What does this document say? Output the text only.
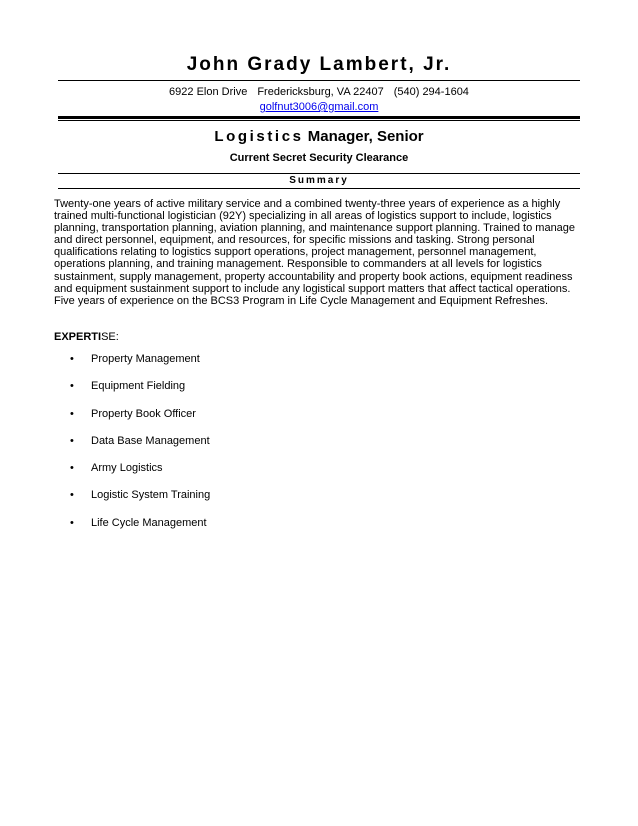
John Grady Lambert, Jr.
6922 Elon Drive Fredericksburg, VA 22407 (540) 294-1604
golfnut3006@gmail.com
Logistics Manager, Senior
Current Secret Security Clearance
Summary
Twenty-one years of active military service and a combined twenty-three years of experience as a highly trained multi-functional logistician (92Y) specializing in all areas of logistics support to include, logistics planning, transportation planning, aviation planning, and maintenance support planning. Trained to manage and direct personnel, equipment, and resources, for specific missions and tasking. Strong personal qualifications relating to logistics support operations, project management, personnel management, operations planning, and training management. Responsible to commanders at all levels for logistics sustainment, supply management, property accountability and property book actions, equipment readiness and equipment sustainment support to include any logistical support matters that affect tactical operations. Five years of experience on the BCS3 Program in Life Cycle Management and Equipment Refreshes.
EXPERTISE:
• Property Management
• Equipment Fielding
• Property Book Officer
• Data Base Management
• Army Logistics
• Logistic System Training
• Life Cycle Management
